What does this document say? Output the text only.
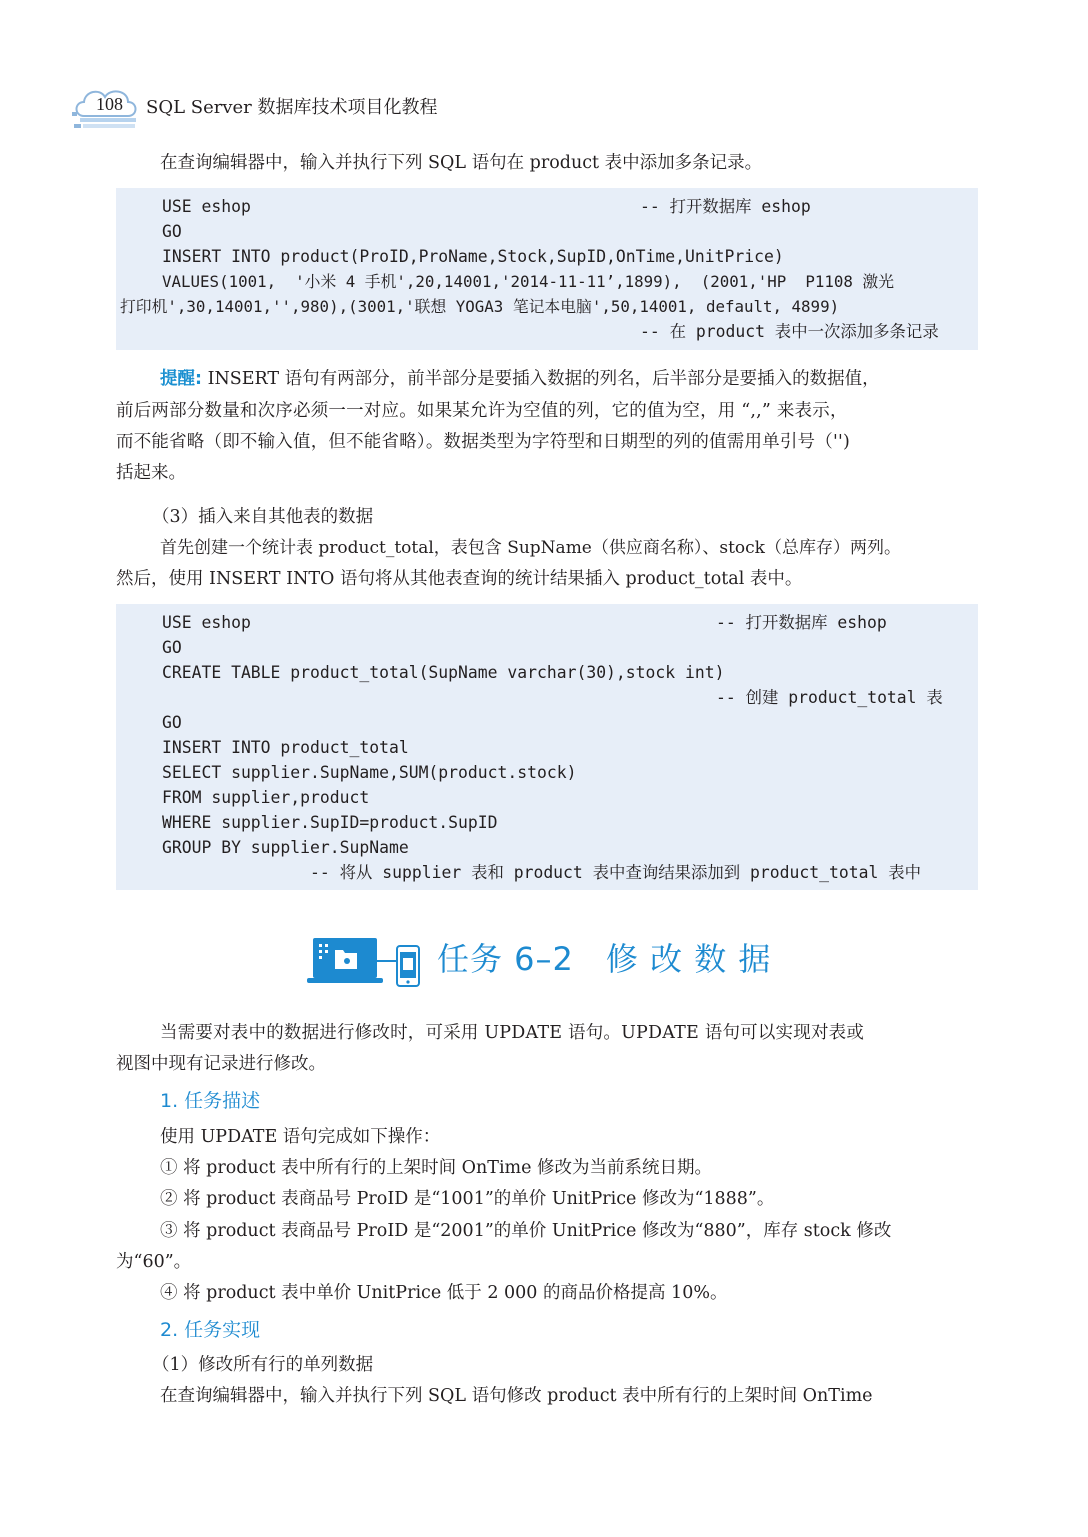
108 SQL Server 数据库技术项目化教程
在查询编辑器中，输入并执行下列 SQL 语句在 product 表中添加多条记录。
USE eshop	-- 打开数据库 eshop
GO
INSERT INTO product(ProID,ProName,Stock,SupID,OnTime,UnitPrice)
VALUES(1001,  '小米 4 手机',20,14001,'2014-11-11’,1899),  (2001,'HP  P1108 激光
打印机',30,14001,'',980),(3001,'联想 YOGA3 笔记本电脑',50,14001, default, 4899)
-- 在 product 表中一次添加多条记录
提醒: INSERT 语句有两部分，前半部分是要插入数据的列名，后半部分是要插入的数据值，
前后两部分数量和次序必须一一对应。如果某允许为空值的列，它的值为空，用 “,,” 来表示，
而不能省略（即不输入值，但不能省略）。数据类型为字符型和日期型的列的值需用单引号（'')
括起来。
（3）插入来自其他表的数据
首先创建一个统计表 product_total，表包含 SupName（供应商名称）、stock（总库存）两列。
然后，使用 INSERT INTO 语句将从其他表查询的统计结果插入 product_total 表中。
USE eshop	-- 打开数据库 eshop
GO
CREATE TABLE product_total(SupName varchar(30),stock int)
-- 创建 product_total 表
GO
INSERT INTO product_total
SELECT supplier.SupName,SUM(product.stock)
FROM supplier,product
WHERE supplier.SupID=product.SupID
GROUP BY supplier.SupName
-- 将从 supplier 表和 product 表中查询结果添加到 product_total 表中
任务 6–2 修 改 数 据
当需要对表中的数据进行修改时，可采用 UPDATE 语句。UPDATE 语句可以实现对表或
视图中现有记录进行修改。
1. 任务描述
使用 UPDATE 语句完成如下操作：
① 将 product 表中所有行的上架时间 OnTime 修改为当前系统日期。
② 将 product 表商品号 ProID 是“1001”的单价 UnitPrice 修改为“1888”。
③ 将 product 表商品号 ProID 是“2001”的单价 UnitPrice 修改为“880”，库存 stock 修改
为“60”。
④ 将 product 表中单价 UnitPrice 低于 2 000 的商品价格提高 10%。
2. 任务实现
（1）修改所有行的单列数据
在查询编辑器中，输入并执行下列 SQL 语句修改 product 表中所有行的上架时间 OnTime
